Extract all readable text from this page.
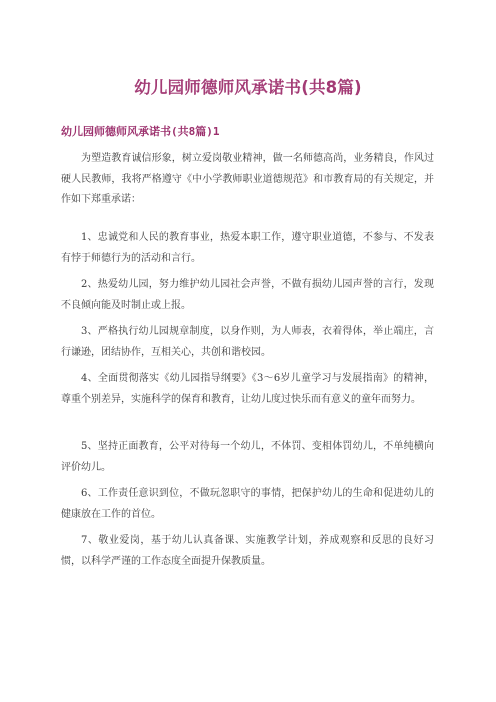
幼儿园师德师风承诺书(共8篇)
幼儿园师德师风承诺书(共8篇)1

为塑造教育诚信形象，树立爱岗敬业精神，做一名师德高尚，业务精良，作风过硬人民教师，我将严格遵守《中小学教师职业道德规范》和市教育局的有关规定，并作如下郑重承诺：

1、忠诚党和人民的教育事业，热爱本职工作，遵守职业道德，不参与、不发表有悖于师德行为的活动和言行。

2、热爱幼儿园，努力维护幼儿园社会声誉，不做有损幼儿园声誉的言行，发现不良倾向能及时制止或上报。

3、严格执行幼儿园规章制度，以身作则，为人师表，衣着得体，举止端庄，言行谦逊，团结协作，互相关心，共创和谐校园。

4、全面贯彻落实《幼儿园指导纲要》《3～6岁儿童学习与发展指南》的精神，尊重个别差异，实施科学的保育和教育，让幼儿度过快乐而有意义的童年而努力。

5、坚持正面教育，公平对待每一个幼儿，不体罚、变相体罚幼儿，不单纯横向评价幼儿。

6、工作责任意识到位，不做玩忽职守的事情，把保护幼儿的生命和促进幼儿的健康放在工作的首位。

7、敬业爱岗，基于幼儿认真备课、实施教学计划，养成观察和反思的良好习惯，以科学严谨的工作态度全面提升保教质量。
